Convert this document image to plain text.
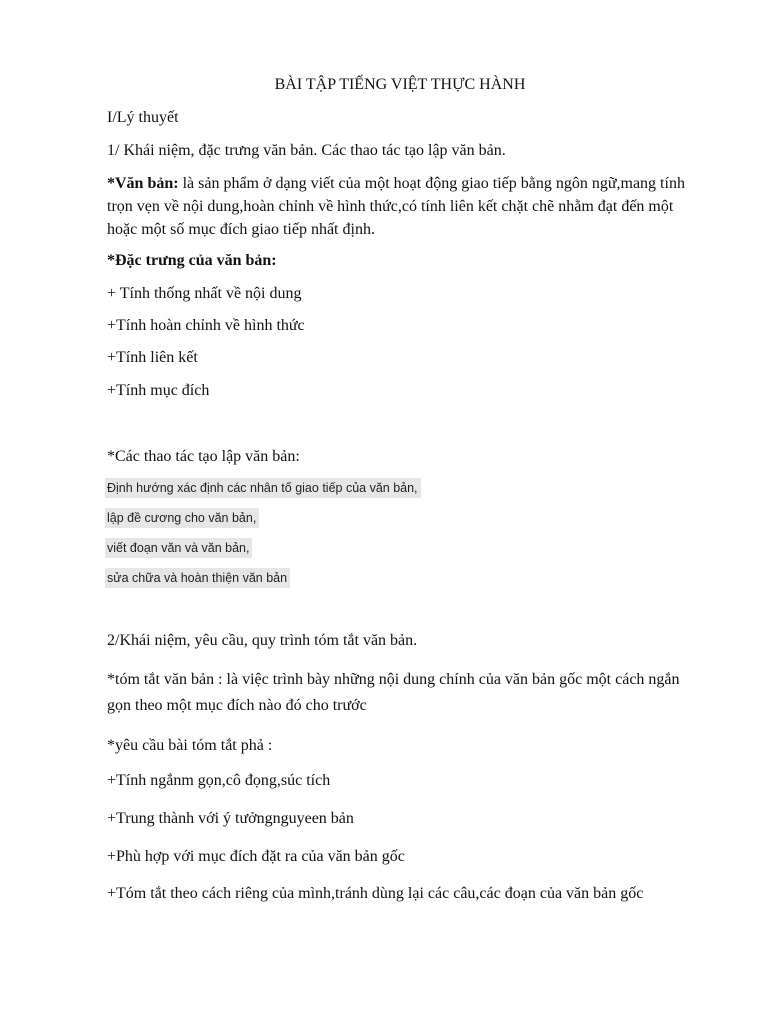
BÀI TẬP TIẾNG VIỆT THỰC HÀNH
I/Lý thuyết
1/ Khái niệm, đặc trưng văn bản. Các thao tác tạo lập văn bản.
*Văn bản: là sản phẩm ở dạng viết của một hoạt động giao tiếp bằng ngôn ngữ,mang tính trọn vẹn về nội dung,hoàn chỉnh về hình thức,có tính liên kết chặt chẽ nhằm đạt đến một hoặc một số mục đích giao tiếp nhất định.
*Đặc trưng của văn bản:
+ Tính thống nhất về nội dung
+Tính hoàn chỉnh về hình thức
+Tính liên kết
+Tính mục đích
*Các thao tác tạo lập văn bản:
Định hướng xác định các nhân tố giao tiếp của văn bản,
lập đề cương cho văn bản,
viết đoạn văn và văn bản,
sửa chữa và hoàn thiện văn bản
2/Khái niệm, yêu cầu, quy trình tóm tắt văn bản.
*tóm tắt văn bản : là việc trình bày những nội dung chính của văn bản gốc một cách ngắn gọn theo một mục đích nào đó cho trước
*yêu cầu bài tóm tắt phả :
+Tính ngắnm gọn,cô đọng,súc tích
+Trung thành với ý tưởngnguyeen bản
+Phù hợp với mục đích đặt ra của văn bản gốc
+Tóm tắt theo cách riêng của mình,tránh dùng lại các câu,các đoạn của văn bản gốc
